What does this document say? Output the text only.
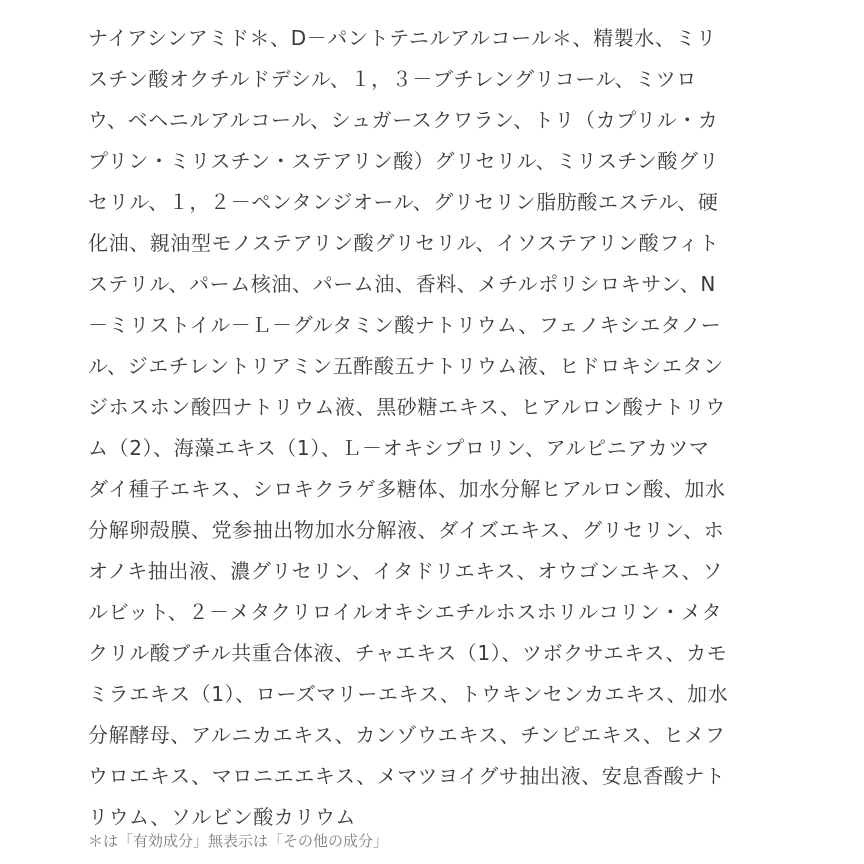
ナイアシンアミド＊、D－パントテニルアルコール＊、精製水、ミリ
スチン酸オクチルドデシル、１，３－ブチレングリコール、ミツロ
ウ、ベヘニルアルコール、シュガースクワラン、トリ（カプリル・カ
プリン・ミリスチン・ステアリン酸）グリセリル、ミリスチン酸グリ
セリル、１，２－ペンタンジオール、グリセリン脂肪酸エステル、硬
化油、親油型モノステアリン酸グリセリル、イソステアリン酸フィト
ステリル、パーム核油、パーム油、香料、メチルポリシロキサン、N
－ミリストイル－Ｌ－グルタミン酸ナトリウム、フェノキシエタノー
ル、ジエチレントリアミン五酢酸五ナトリウム液、ヒドロキシエタン
ジホスホン酸四ナトリウム液、黒砂糖エキス、ヒアルロン酸ナトリウ
ム（2）、海藻エキス（1）、Ｌ－オキシプロリン、アルピニアカツマ
ダイ種子エキス、シロキクラゲ多糖体、加水分解ヒアルロン酸、加水
分解卵殻膜、党参抽出物加水分解液、ダイズエキス、グリセリン、ホ
オノキ抽出液、濃グリセリン、イタドリエキス、オウゴンエキス、ソ
ルビット、２－メタクリロイルオキシエチルホスホリルコリン・メタ
クリル酸ブチル共重合体液、チャエキス（1）、ツボクサエキス、カモ
ミラエキス（1）、ローズマリーエキス、トウキンセンカエキス、加水
分解酵母、アルニカエキス、カンゾウエキス、チンピエキス、ヒメフ
ウロエキス、マロニエエキス、メマツヨイグサ抽出液、安息香酸ナト
リウム、ソルビン酸カリウム
＊は「有効成分」無表示は「その他の成分」
